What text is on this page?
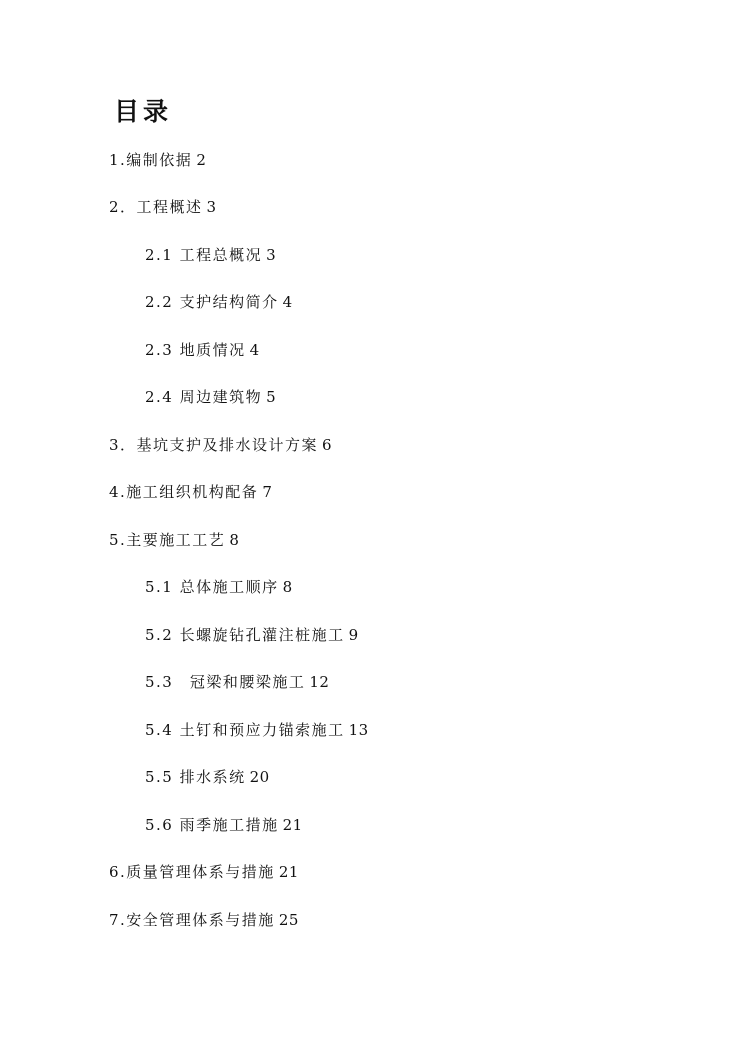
目录
1.编制依据 2
2．工程概述 3
2.1 工程总概况 3
2.2 支护结构简介 4
2.3 地质情况 4
2.4 周边建筑物 5
3．基坑支护及排水设计方案 6
4.施工组织机构配备 7
5.主要施工工艺 8
5.1 总体施工顺序 8
5.2 长螺旋钻孔灌注桩施工 9
5.3　冠梁和腰梁施工 12
5.4 土钉和预应力锚索施工 13
5.5 排水系统 20
5.6 雨季施工措施 21
6.质量管理体系与措施 21
7.安全管理体系与措施 25
